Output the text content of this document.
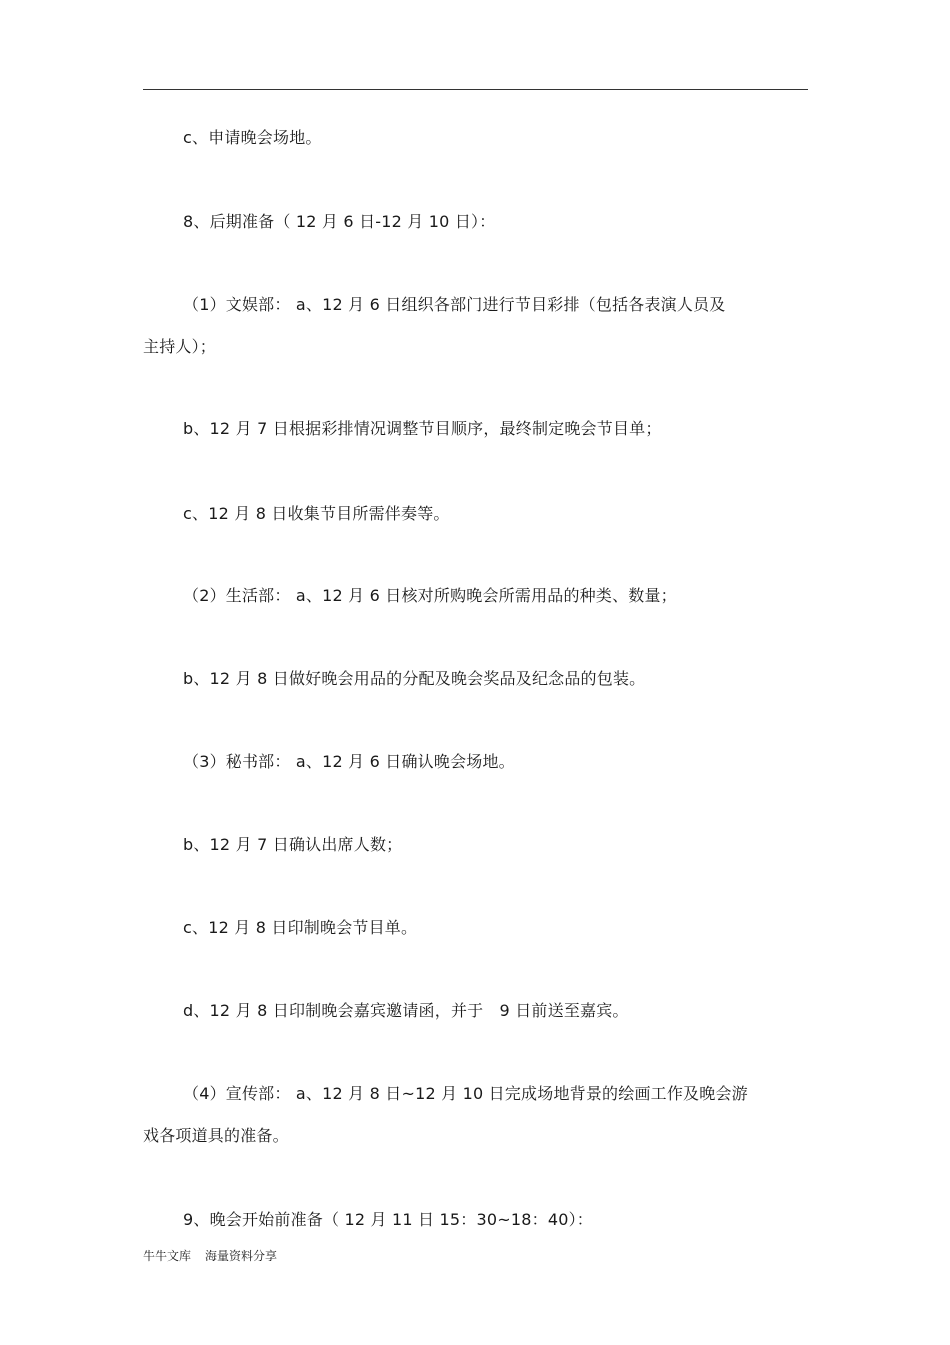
c、申请晚会场地。
8、后期准备（ 12 月 6 日-12 月 10 日）：
（1）文娱部： a、12 月 6 日组织各部门进行节目彩排（包括各表演人员及
主持人）；
b、12 月 7 日根据彩排情况调整节目顺序，最终制定晚会节目单；
c、12 月 8 日收集节目所需伴奏等。
（2）生活部： a、12 月 6 日核对所购晚会所需用品的种类、数量；
b、12 月 8 日做好晚会用品的分配及晚会奖品及纪念品的包装。
（3）秘书部： a、12 月 6 日确认晚会场地。
b、12 月 7 日确认出席人数；
c、12 月 8 日印制晚会节目单。
d、12 月 8 日印制晚会嘉宾邀请函，并于　9 日前送至嘉宾。
（4）宣传部： a、12 月 8 日~12 月 10 日完成场地背景的绘画工作及晚会游
戏各项道具的准备。
9、晚会开始前准备（ 12 月 11 日 15：30~18：40）：
牛牛文库 海量资料分享
